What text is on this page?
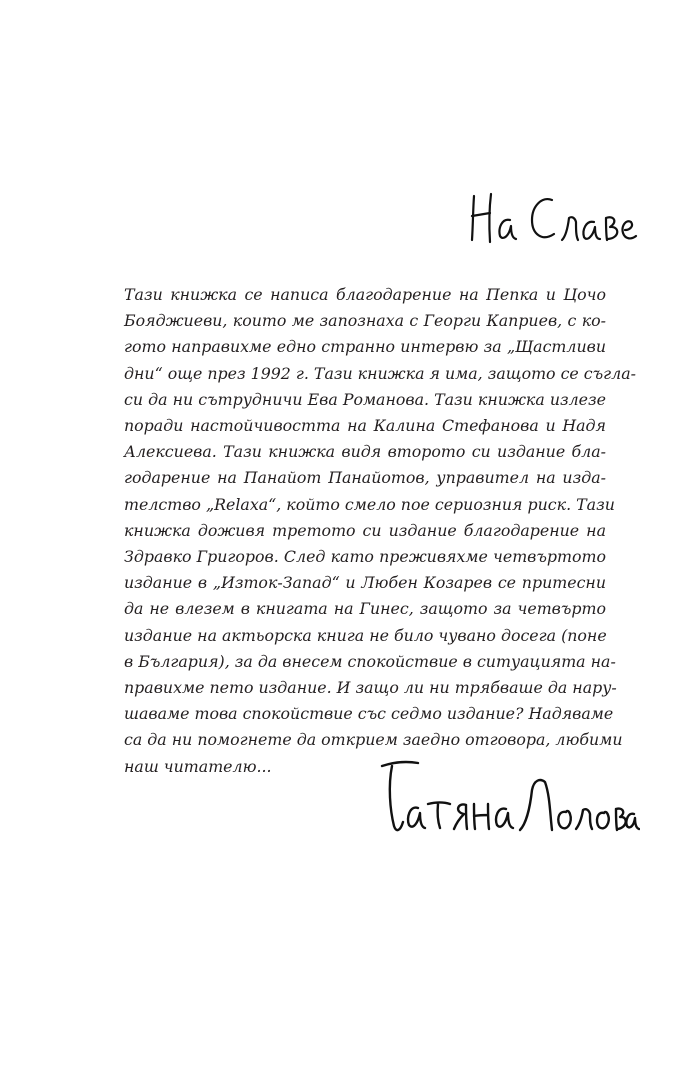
Тази книжка се написа благодарение на Пепка и Цочо
Бояджиеви, които ме запознаха с Георги Каприев, с ко-
гото направихме едно странно интервю за „Щастливи
дни“ още през 1992 г. Тази книжка я има, защото се съгла-
си да ни сътрудничи Ева Романова. Тази книжка излезе
поради настойчивостта на Калина Стефанова и Надя
Алексиева. Тази книжка видя второто си издание бла-
годарение на Панайот Панайотов, управител на изда-
телство „Relaxa“, който смело пое сериозния риск. Тази
книжка доживя третото си издание благодарение на
Здравко Григоров. След като преживяхме четвъртото
издание в „Изток-Запад“ и Любен Козарев се притесни
да не влезем в книгата на Гинес, защото за четвърто
издание на актьорска книга не било чувано досега (поне
в България), за да внесем спокойствие в ситуацията на-
правихме пето издание. И защо ли ни трябваше да нару-
шаваме това спокойствие със седмо издание? Надяваме
са да ни помогнете да открием заедно отговора, любими
наш читателю...
